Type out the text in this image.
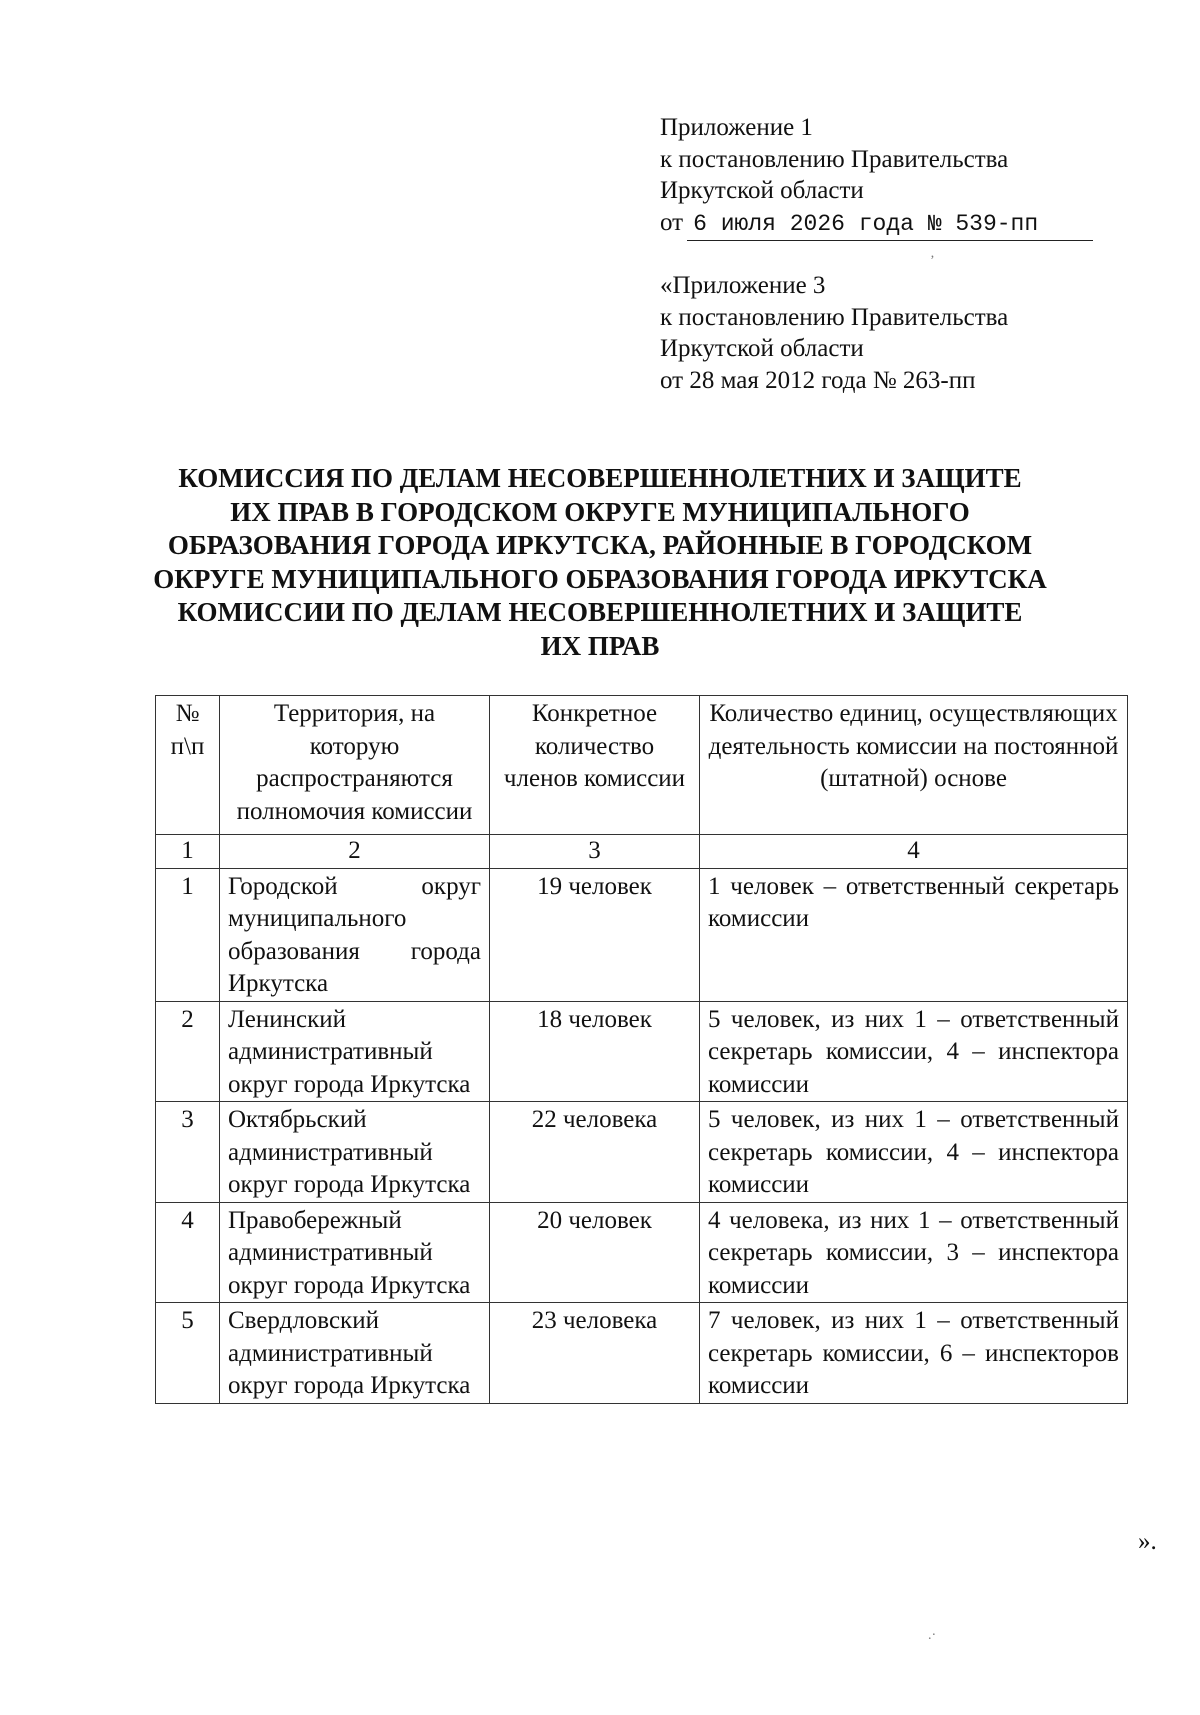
Приложение 1
к постановлению Правительства
Иркутской области
от 6 июля 2026 года № 539-пп
«Приложение 3
к постановлению Правительства
Иркутской области
от 28 мая 2012 года № 263-пп
КОМИССИЯ ПО ДЕЛАМ НЕСОВЕРШЕННОЛЕТНИХ И ЗАЩИТЕ
ИХ ПРАВ В ГОРОДСКОМ ОКРУГЕ МУНИЦИПАЛЬНОГО
ОБРАЗОВАНИЯ ГОРОДА ИРКУТСКА, РАЙОННЫЕ В ГОРОДСКОМ
ОКРУГЕ МУНИЦИПАЛЬНОГО ОБРАЗОВАНИЯ ГОРОДА ИРКУТСКА
КОМИССИИ ПО ДЕЛАМ НЕСОВЕРШЕННОЛЕТНИХ И ЗАЩИТЕ
ИХ ПРАВ
№ п\п	Территория, на которую распространяются полномочия комиссии	Конкретное количество членов комиссии	Количество единиц, осуществляющих деятельность комиссии на постоянной (штатной) основе
1	2	3	4
1	Городской округ муниципального образования города Иркутска	19 человек	1 человек – ответственный секретарь комиссии
2	Ленинский административный округ города Иркутска	18 человек	5 человек, из них 1 – ответственный секретарь комиссии, 4 – инспектора комиссии
3	Октябрьский административный округ города Иркутска	22 человека	5 человек, из них 1 – ответственный секретарь комиссии, 4 – инспектора комиссии
4	Правобережный административный округ города Иркутска	20 человек	4 человека, из них 1 – ответственный секретарь комиссии, 3 – инспектора комиссии
5	Свердловский административный округ города Иркутска	23 человека	7 человек, из них 1 – ответственный секретарь комиссии, 6 – инспекторов комиссии
».
‚
.·
